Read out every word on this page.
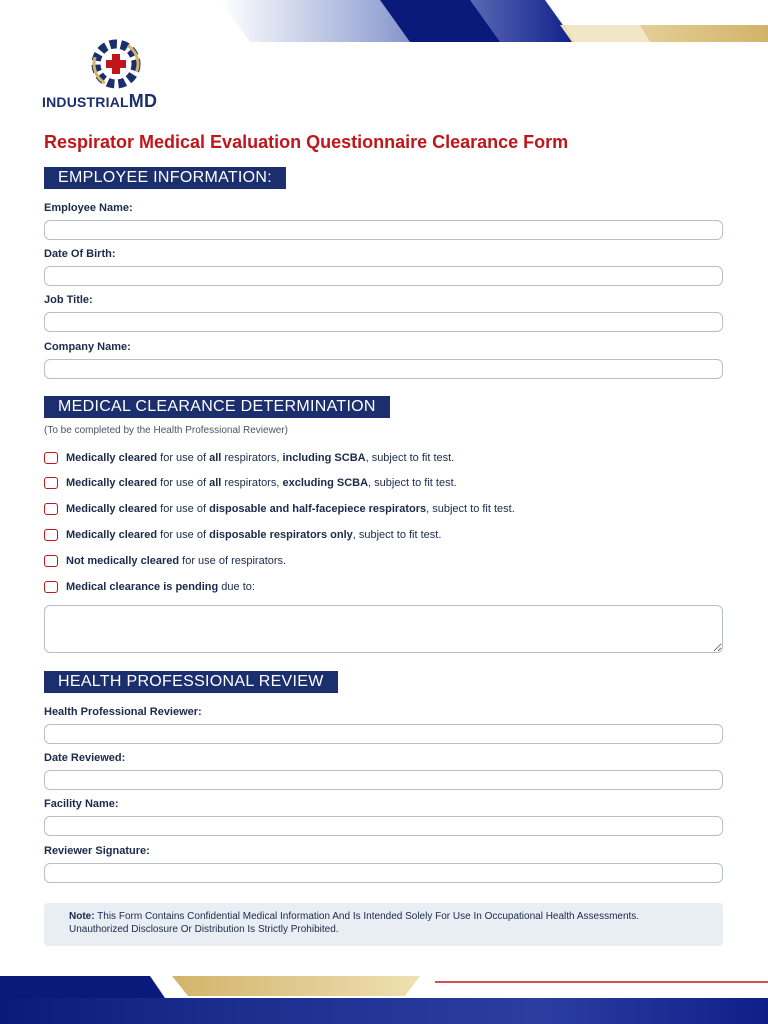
INDUSTRIALMD
Respirator Medical Evaluation Questionnaire Clearance Form
EMPLOYEE INFORMATION:
Employee Name:
Date Of Birth:
Job Title:
Company Name:
MEDICAL CLEARANCE DETERMINATION
(To be completed by the Health Professional Reviewer)
Medically cleared for use of all respirators, including SCBA, subject to fit test.
Medically cleared for use of all respirators, excluding SCBA, subject to fit test.
Medically cleared for use of disposable and half-facepiece respirators, subject to fit test.
Medically cleared for use of disposable respirators only, subject to fit test.
Not medically cleared for use of respirators.
Medical clearance is pending due to:
HEALTH PROFESSIONAL REVIEW
Health Professional Reviewer:
Date Reviewed:
Facility Name:
Reviewer Signature:
Note: This Form Contains Confidential Medical Information And Is Intended Solely For Use In Occupational Health Assessments. Unauthorized Disclosure Or Distribution Is Strictly Prohibited.
